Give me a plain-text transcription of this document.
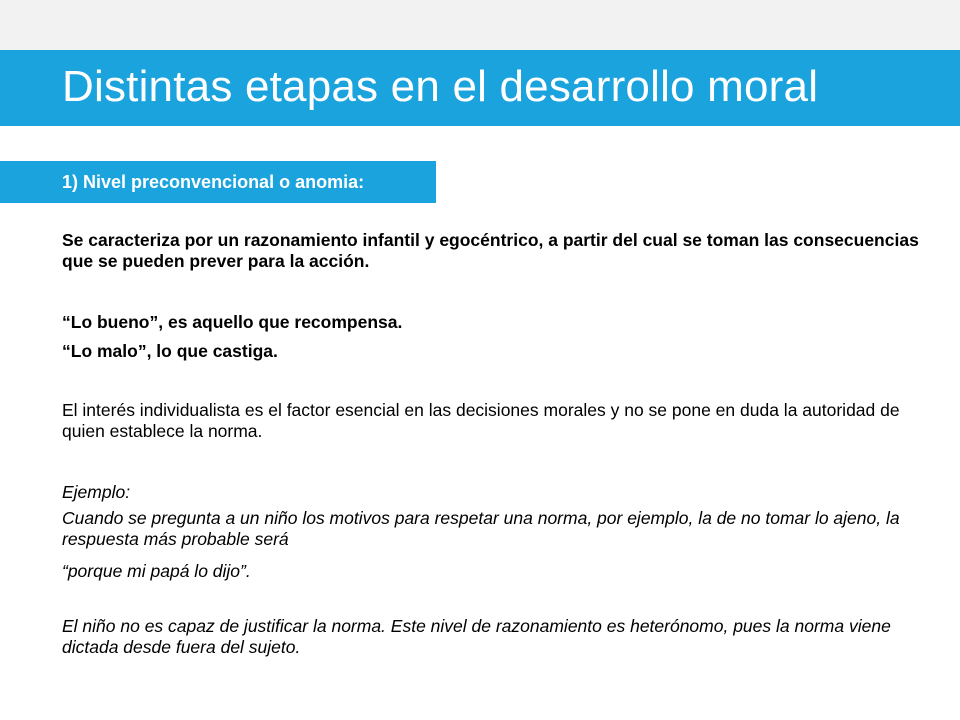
Distintas etapas en el desarrollo moral
1) Nivel preconvencional o anomia:

Se caracteriza por un razonamiento infantil y egocéntrico, a partir del cual se toman las consecuencias que se pueden prever para la acción.

“Lo bueno”, es aquello que recompensa.

“Lo malo”, lo que castiga.

El interés individualista es el factor esencial en las decisiones morales y no se pone en duda la autoridad de quien establece la norma.

Ejemplo:

Cuando se pregunta a un niño los motivos para respetar una norma, por ejemplo, la de no tomar lo ajeno, la respuesta más probable será

“porque mi papá lo dijo”.

El niño no es capaz de justificar la norma. Este nivel de razonamiento es heterónomo, pues la norma viene dictada desde fuera del sujeto.
